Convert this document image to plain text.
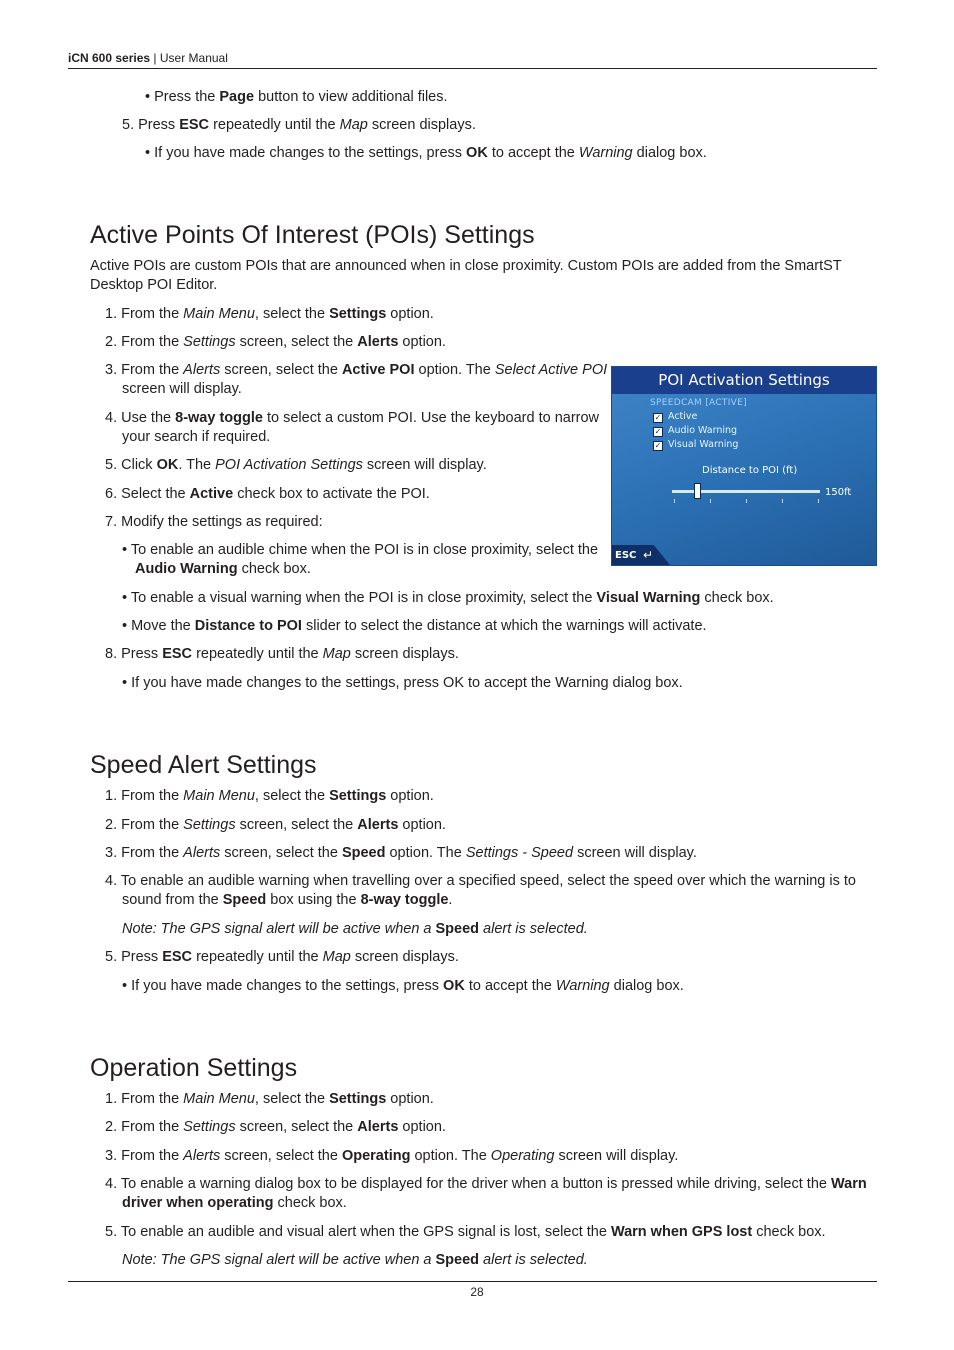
iCN 600 series | User Manual
• Press the Page button to view additional files.
5. Press ESC repeatedly until the Map screen displays.
• If you have made changes to the settings, press OK to accept the Warning dialog box.
Active Points Of Interest (POIs) Settings
Active POIs are custom POIs that are announced when in close proximity. Custom POIs are added from the SmartST Desktop POI Editor.
1. From the Main Menu, select the Settings option.
2. From the Settings screen, select the Alerts option.
3. From the Alerts screen, select the Active POI option. The Select Active POI screen will display.
4. Use the 8-way toggle to select a custom POI. Use the keyboard to narrow your search if required.
5. Click OK. The POI Activation Settings screen will display.
6. Select the Active check box to activate the POI.
7. Modify the settings as required:
• To enable an audible chime when the POI is in close proximity, select the Audio Warning check box.
• To enable a visual warning when the POI is in close proximity, select the Visual Warning check box.
• Move the Distance to POI slider to select the distance at which the warnings will activate.
8. Press ESC repeatedly until the Map screen displays.
• If you have made changes to the settings, press OK to accept the Warning dialog box.
POI Activation Settings
SPEEDCAM [ACTIVE]
✓ Active
✓ Audio Warning
✓ Visual Warning
Distance to POI (ft)
150ft
ESC ↵
Speed Alert Settings
1. From the Main Menu, select the Settings option.
2. From the Settings screen, select the Alerts option.
3. From the Alerts screen, select the Speed option. The Settings - Speed screen will display.
4. To enable an audible warning when travelling over a specified speed, select the speed over which the warning is to sound from the Speed box using the 8-way toggle.
Note: The GPS signal alert will be active when a Speed alert is selected.
5. Press ESC repeatedly until the Map screen displays.
• If you have made changes to the settings, press OK to accept the Warning dialog box.
Operation Settings
1. From the Main Menu, select the Settings option.
2. From the Settings screen, select the Alerts option.
3. From the Alerts screen, select the Operating option. The Operating screen will display.
4. To enable a warning dialog box to be displayed for the driver when a button is pressed while driving, select the Warn driver when operating check box.
5. To enable an audible and visual alert when the GPS signal is lost, select the Warn when GPS lost check box.
Note: The GPS signal alert will be active when a Speed alert is selected.
28
